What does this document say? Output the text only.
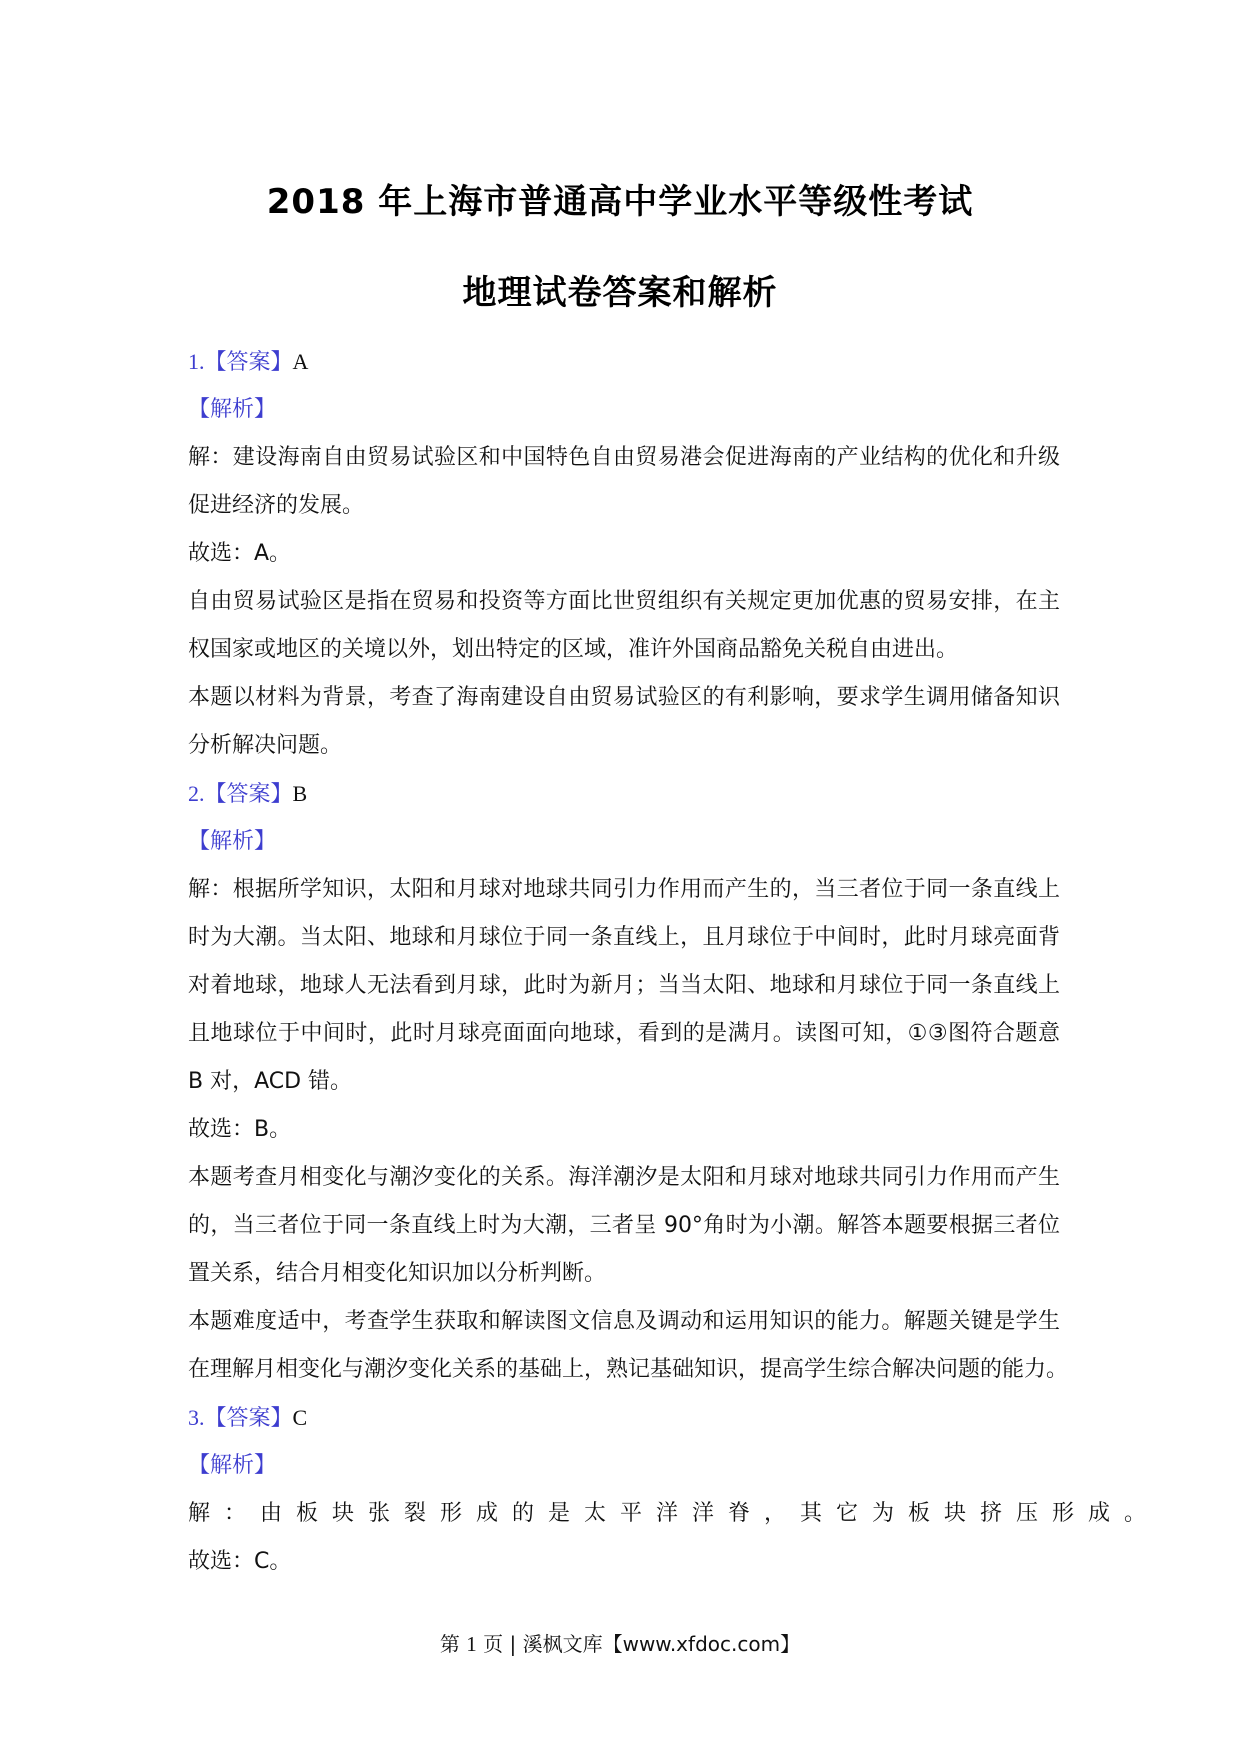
2018 年上海市普通高中学业水平等级性考试
地理试卷答案和解析
1.【答案】A
【解析】
解：建设海南自由贸易试验区和中国特色自由贸易港会促进海南的产业结构的优化和升级
促进经济的发展。
故选：A。
自由贸易试验区是指在贸易和投资等方面比世贸组织有关规定更加优惠的贸易安排，在主
权国家或地区的关境以外，划出特定的区域，准许外国商品豁免关税自由进出。
本题以材料为背景，考查了海南建设自由贸易试验区的有利影响，要求学生调用储备知识
分析解决问题。
2.【答案】B
【解析】
解：根据所学知识，太阳和月球对地球共同引力作用而产生的，当三者位于同一条直线上
时为大潮。当太阳、地球和月球位于同一条直线上，且月球位于中间时，此时月球亮面背
对着地球，地球人无法看到月球，此时为新月；当当太阳、地球和月球位于同一条直线上
且地球位于中间时，此时月球亮面面向地球，看到的是满月。读图可知，①③图符合题意
B 对，ACD 错。
故选：B。
本题考查月相变化与潮汐变化的关系。海洋潮汐是太阳和月球对地球共同引力作用而产生
的，当三者位于同一条直线上时为大潮，三者呈 90°角时为小潮。解答本题要根据三者位
置关系，结合月相变化知识加以分析判断。
本题难度适中，考查学生获取和解读图文信息及调动和运用知识的能力。解题关键是学生
在理解月相变化与潮汐变化关系的基础上，熟记基础知识，提高学生综合解决问题的能力。
3.【答案】C
【解析】
解：由板块张裂形成的是太平洋洋脊，其它为板块挤压形成。
故选：C。
第 1 页 | 溪枫文库【www.xfdoc.com】
